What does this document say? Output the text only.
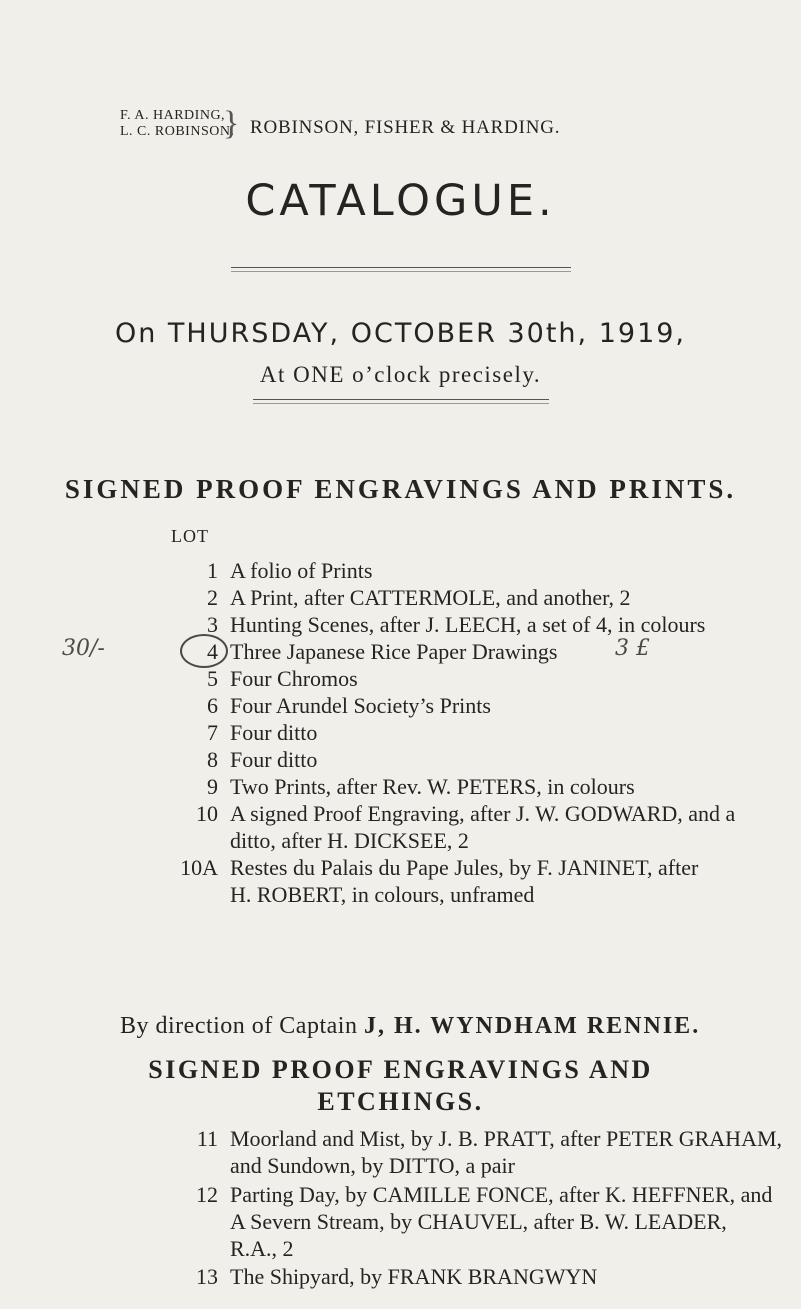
F. A. HARDING,
L. C. ROBINSON.
} ROBINSON, FISHER & HARDING.
CATALOGUE.
On THURSDAY, OCTOBER 30th, 1919,
At ONE o’clock precisely.
SIGNED PROOF ENGRAVINGS AND PRINTS.
LOT
1 A folio of Prints
2 A Print, after CATTERMOLE, and another, 2
3 Hunting Scenes, after J. LEECH, a set of 4, in colours
4 Three Japanese Rice Paper Drawings
5 Four Chromos
6 Four Arundel Society’s Prints
7 Four ditto
8 Four ditto
9 Two Prints, after Rev. W. PETERS, in colours
10 A signed Proof Engraving, after J. W. GODWARD, and a
ditto, after H. DICKSEE, 2
10A Restes du Palais du Pape Jules, by F. JANINET, after
H. ROBERT, in colours, unframed
30/-	3 £
By direction of Captain J, H. WYNDHAM RENNIE.
SIGNED PROOF ENGRAVINGS AND
ETCHINGS.
11 Moorland and Mist, by J. B. PRATT, after PETER GRAHAM,
and Sundown, by DITTO, a pair
12 Parting Day, by CAMILLE FONCE, after K. HEFFNER, and
A Severn Stream, by CHAUVEL, after B. W. LEADER,
R.A., 2
13 The Shipyard, by FRANK BRANGWYN
